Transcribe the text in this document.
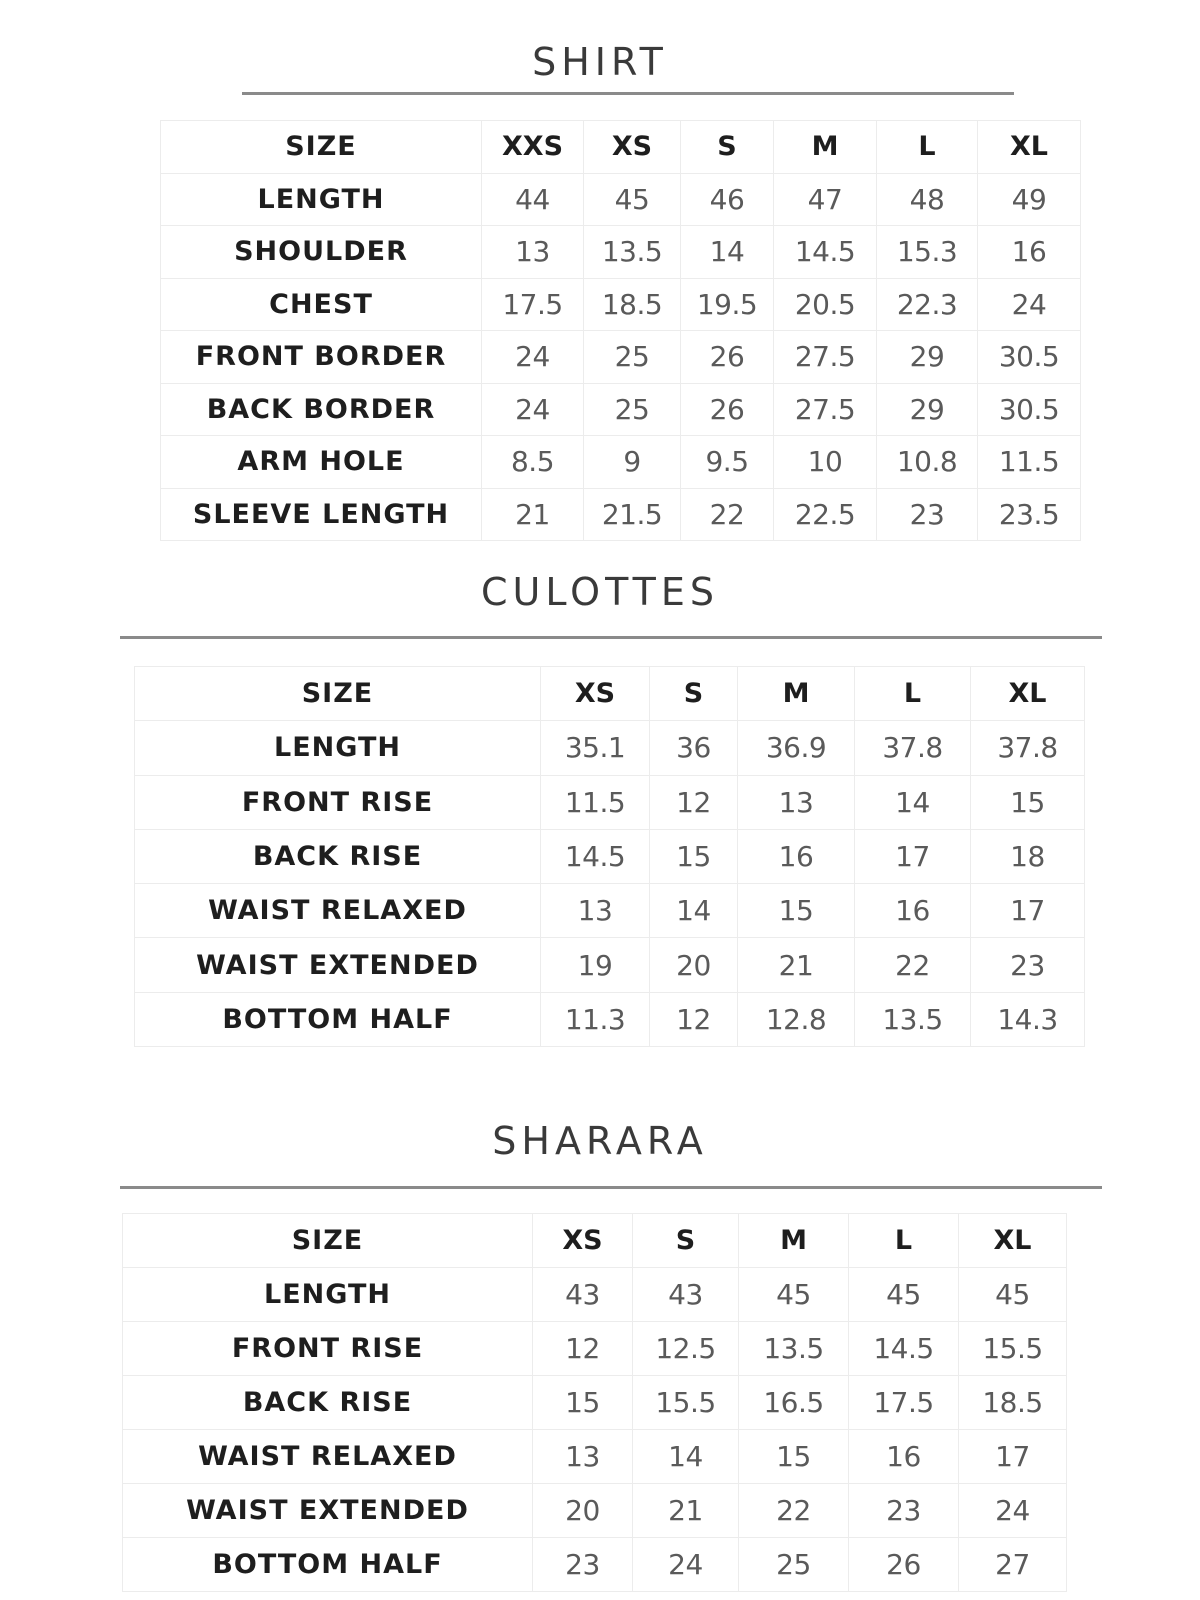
SHIRT
SIZE	XXS	XS	S	M	L	XL
LENGTH	44	45	46	47	48	49
SHOULDER	13	13.5	14	14.5	15.3	16
CHEST	17.5	18.5	19.5	20.5	22.3	24
FRONT BORDER	24	25	26	27.5	29	30.5
BACK BORDER	24	25	26	27.5	29	30.5
ARM HOLE	8.5	9	9.5	10	10.8	11.5
SLEEVE LENGTH	21	21.5	22	22.5	23	23.5
CULOTTES
SIZE	XS	S	M	L	XL
LENGTH	35.1	36	36.9	37.8	37.8
FRONT RISE	11.5	12	13	14	15
BACK RISE	14.5	15	16	17	18
WAIST RELAXED	13	14	15	16	17
WAIST EXTENDED	19	20	21	22	23
BOTTOM HALF	11.3	12	12.8	13.5	14.3
SHARARA
SIZE	XS	S	M	L	XL
LENGTH	43	43	45	45	45
FRONT RISE	12	12.5	13.5	14.5	15.5
BACK RISE	15	15.5	16.5	17.5	18.5
WAIST RELAXED	13	14	15	16	17
WAIST EXTENDED	20	21	22	23	24
BOTTOM HALF	23	24	25	26	27
